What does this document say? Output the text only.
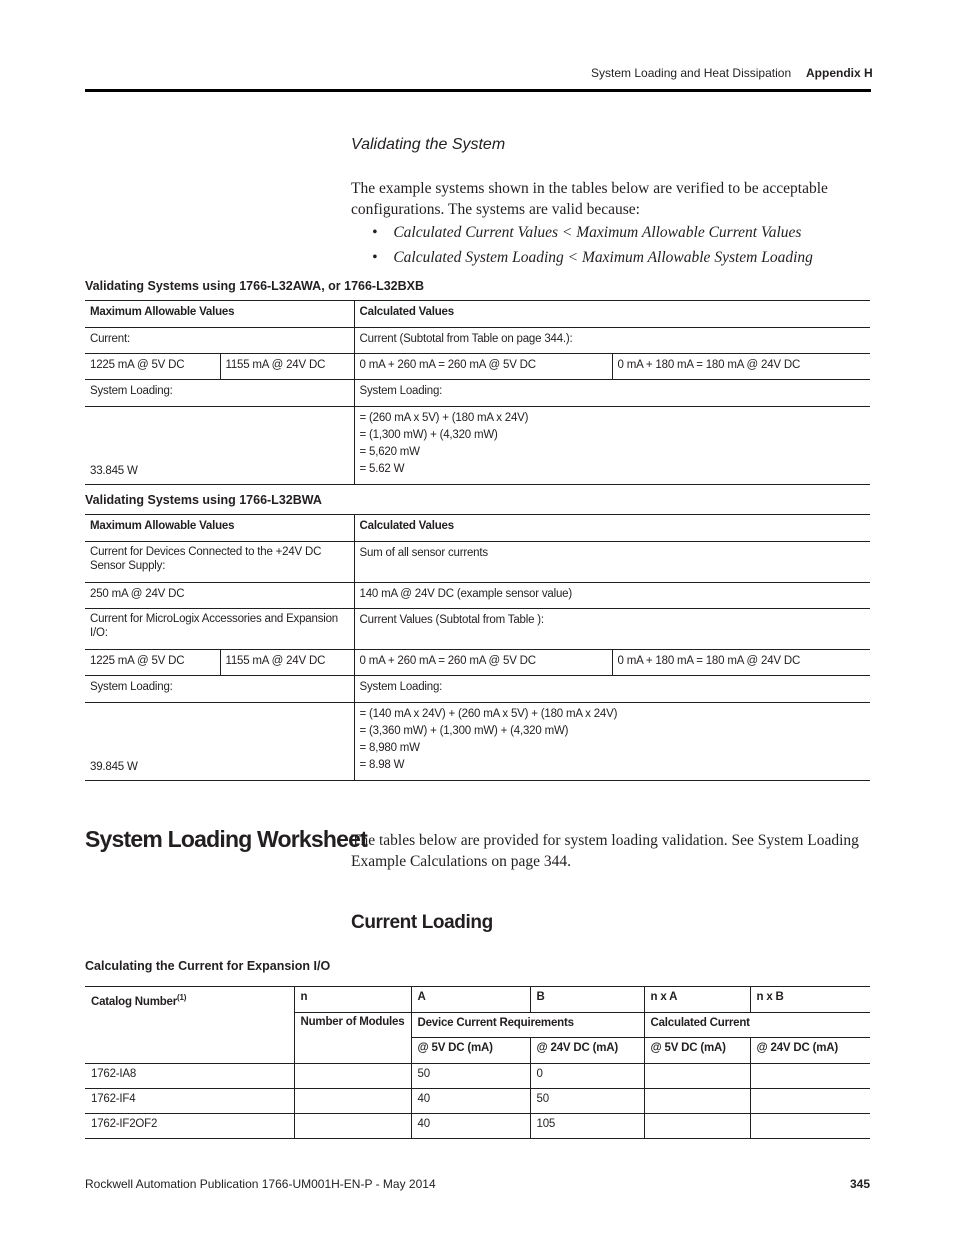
System Loading and Heat Dissipation Appendix H
Validating the System
The example systems shown in the tables below are verified to be acceptable configurations. The systems are valid because:
• Calculated Current Values < Maximum Allowable Current Values
• Calculated System Loading < Maximum Allowable System Loading
Validating Systems using 1766-L32AWA, or 1766-L32BXB
Maximum Allowable Values		Calculated Values	
Current:		Current (Subtotal from Table on page 344.):	
1225 mA @ 5V DC	1155 mA @ 24V DC	0 mA + 260 mA = 260 mA @ 5V DC	0 mA + 180 mA = 180 mA @ 24V DC
System Loading:		System Loading:	
33.845 W		= (260 mA x 5V) + (180 mA x 24V)
= (1,300 mW) + (4,320 mW)
= 5,620 mW
= 5.62 W	
Validating Systems using 1766-L32BWA
Maximum Allowable Values		Calculated Values	
Current for Devices Connected to the +24V DC Sensor Supply:		Sum of all sensor currents	
250 mA @ 24V DC		140 mA @ 24V DC (example sensor value)	
Current for MicroLogix Accessories and Expansion I/O:		Current Values (Subtotal from Table ):	
1225 mA @ 5V DC	1155 mA @ 24V DC	0 mA + 260 mA = 260 mA @ 5V DC	0 mA + 180 mA = 180 mA @ 24V DC
System Loading:		System Loading:	
39.845 W		= (140 mA x 24V) + (260 mA x 5V) + (180 mA x 24V)
= (3,360 mW) + (1,300 mW) + (4,320 mW)
= 8,980 mW
= 8.98 W	
System Loading Worksheet
The tables below are provided for system loading validation. See System Loading Example Calculations on page 344.
Current Loading
Calculating the Current for Expansion I/O
Catalog Number$^{(1)}$	n	A	B	n x A	n x B
	Number of Modules	Device Current Requirements		Calculated Current	
		@ 5V DC (mA)	@ 24V DC (mA)	@ 5V DC (mA)	@ 24V DC (mA)
1762-IA8		50	0		
1762-IF4		40	50		
1762-IF2OF2		40	105		
Rockwell Automation Publication 1766-UM001H-EN-P - May 2014	345
